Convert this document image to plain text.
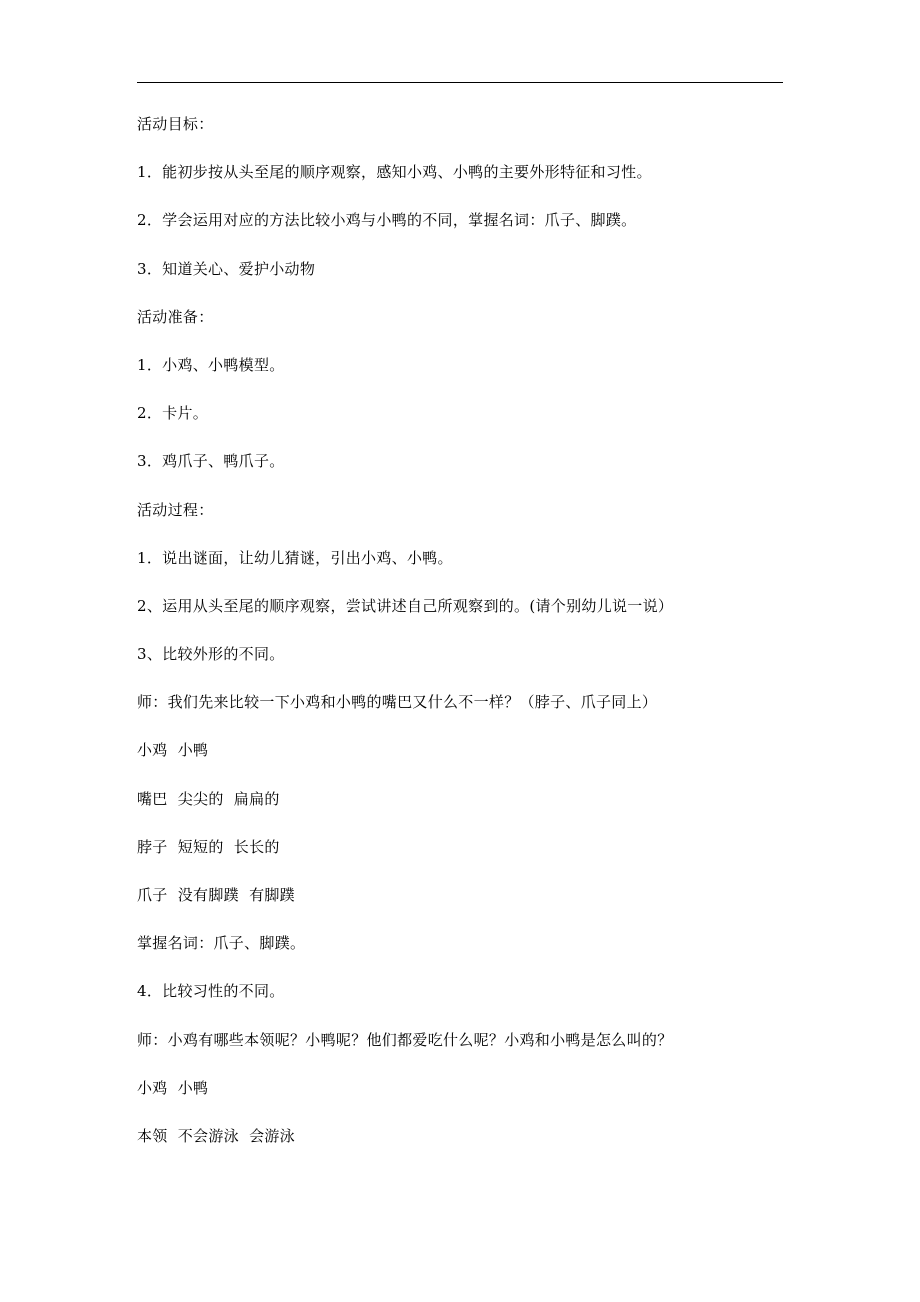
活动目标：

1．能初步按从头至尾的顺序观察，感知小鸡、小鸭的主要外形特征和习性。

2．学会运用对应的方法比较小鸡与小鸭的不同，掌握名词：爪子、脚蹼。

3．知道关心、爱护小动物

活动准备：

1．小鸡、小鸭模型。

2．卡片。

3．鸡爪子、鸭爪子。

活动过程：

1．说出谜面，让幼儿猜谜，引出小鸡、小鸭。

2、运用从头至尾的顺序观察，尝试讲述自己所观察到的。(请个别幼儿说一说）

3、比较外形的不同。

师：我们先来比较一下小鸡和小鸭的嘴巴又什么不一样？（脖子、爪子同上）

小鸡  小鸭

嘴巴  尖尖的  扁扁的

脖子  短短的  长长的

爪子  没有脚蹼  有脚蹼

掌握名词：爪子、脚蹼。

4．比较习性的不同。

师：小鸡有哪些本领呢？小鸭呢？他们都爱吃什么呢？小鸡和小鸭是怎么叫的？

小鸡  小鸭

本领  不会游泳  会游泳
